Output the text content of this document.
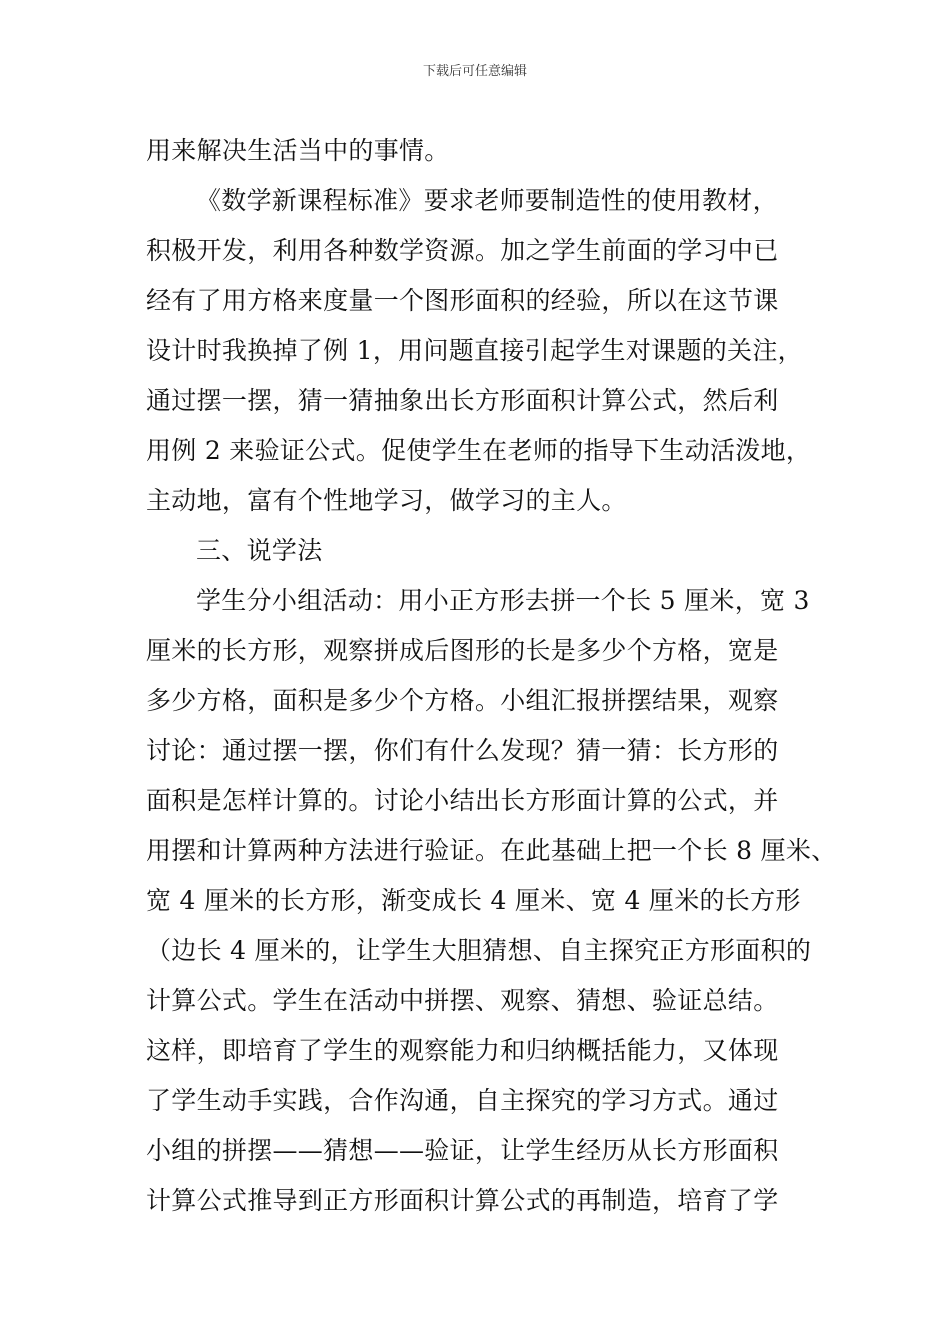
下载后可任意编辑
用来解决生活当中的事情。
《数学新课程标准》要求老师要制造性的使用教材，
积极开发，利用各种数学资源。加之学生前面的学习中已
经有了用方格来度量一个图形面积的经验，所以在这节课
设计时我换掉了例 1，用问题直接引起学生对课题的关注，
通过摆一摆，猜一猜抽象出长方形面积计算公式，然后利
用例 2 来验证公式。促使学生在老师的指导下生动活泼地，
主动地，富有个性地学习，做学习的主人。
三、说学法
学生分小组活动：用小正方形去拼一个长 5 厘米，宽 3
厘米的长方形，观察拼成后图形的长是多少个方格，宽是
多少方格，面积是多少个方格。小组汇报拼摆结果，观察
讨论：通过摆一摆，你们有什么发现？猜一猜：长方形的
面积是怎样计算的。讨论小结出长方形面计算的公式，并
用摆和计算两种方法进行验证。在此基础上把一个长 8 厘米、
宽 4 厘米的长方形，渐变成长 4 厘米、宽 4 厘米的长方形
（边长 4 厘米的，让学生大胆猜想、自主探究正方形面积的
计算公式。学生在活动中拼摆、观察、猜想、验证总结。
这样，即培育了学生的观察能力和归纳概括能力，又体现
了学生动手实践，合作沟通，自主探究的学习方式。通过
小组的拼摆——猜想——验证，让学生经历从长方形面积
计算公式推导到正方形面积计算公式的再制造，培育了学
